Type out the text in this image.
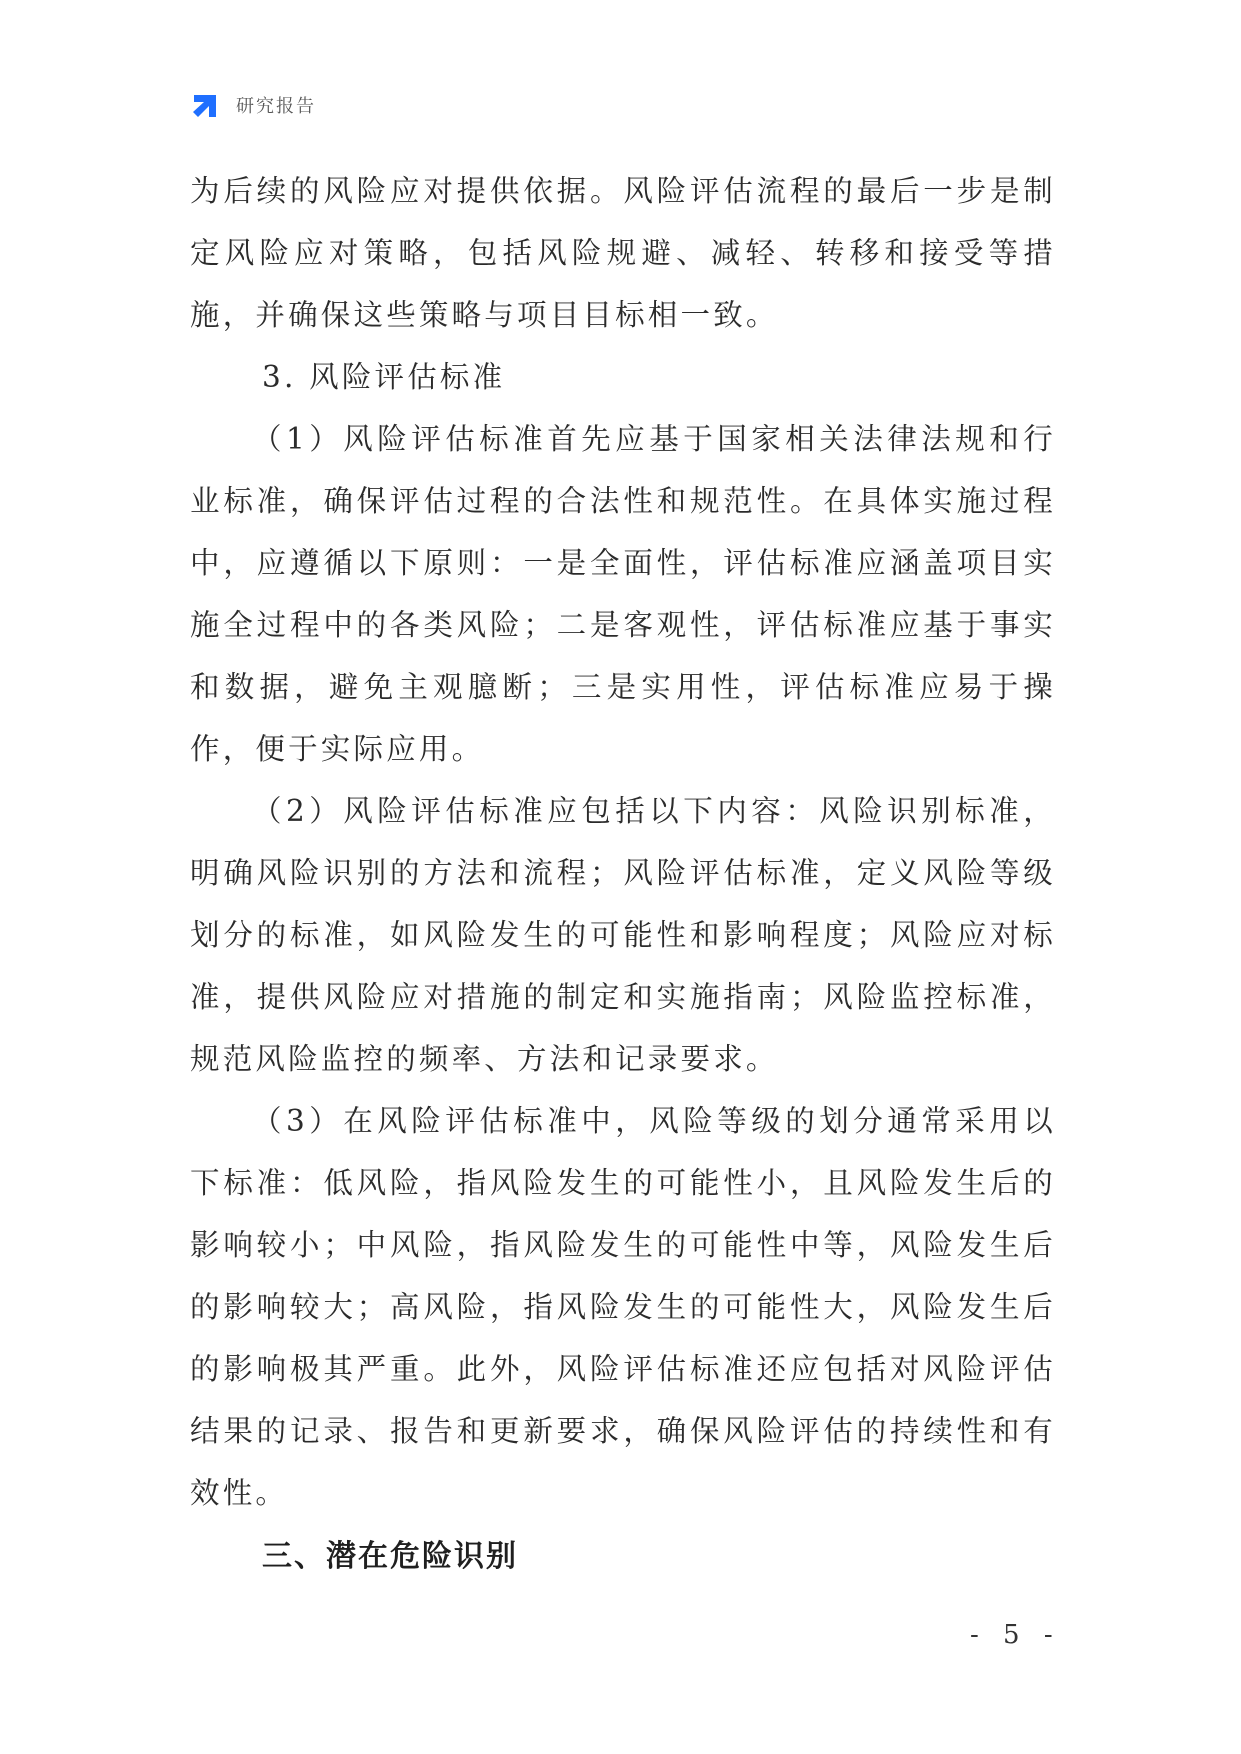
研究报告

为后续的风险应对提供依据。风险评估流程的最后一步是制定风险应对策略，包括风险规避、减轻、转移和接受等措施，并确保这些策略与项目目标相一致。

3. 风险评估标准

（1）风险评估标准首先应基于国家相关法律法规和行业标准，确保评估过程的合法性和规范性。在具体实施过程中，应遵循以下原则：一是全面性，评估标准应涵盖项目实施全过程中的各类风险；二是客观性，评估标准应基于事实和数据，避免主观臆断；三是实用性，评估标准应易于操作，便于实际应用。

（2）风险评估标准应包括以下内容：风险识别标准，明确风险识别的方法和流程；风险评估标准，定义风险等级划分的标准，如风险发生的可能性和影响程度；风险应对标准，提供风险应对措施的制定和实施指南；风险监控标准，规范风险监控的频率、方法和记录要求。

（3）在风险评估标准中，风险等级的划分通常采用以下标准：低风险，指风险发生的可能性小，且风险发生后的影响较小；中风险，指风险发生的可能性中等，风险发生后的影响较大；高风险，指风险发生的可能性大，风险发生后的影响极其严重。此外，风险评估标准还应包括对风险评估结果的记录、报告和更新要求，确保风险评估的持续性和有效性。

三、潜在危险识别

- 5 -
